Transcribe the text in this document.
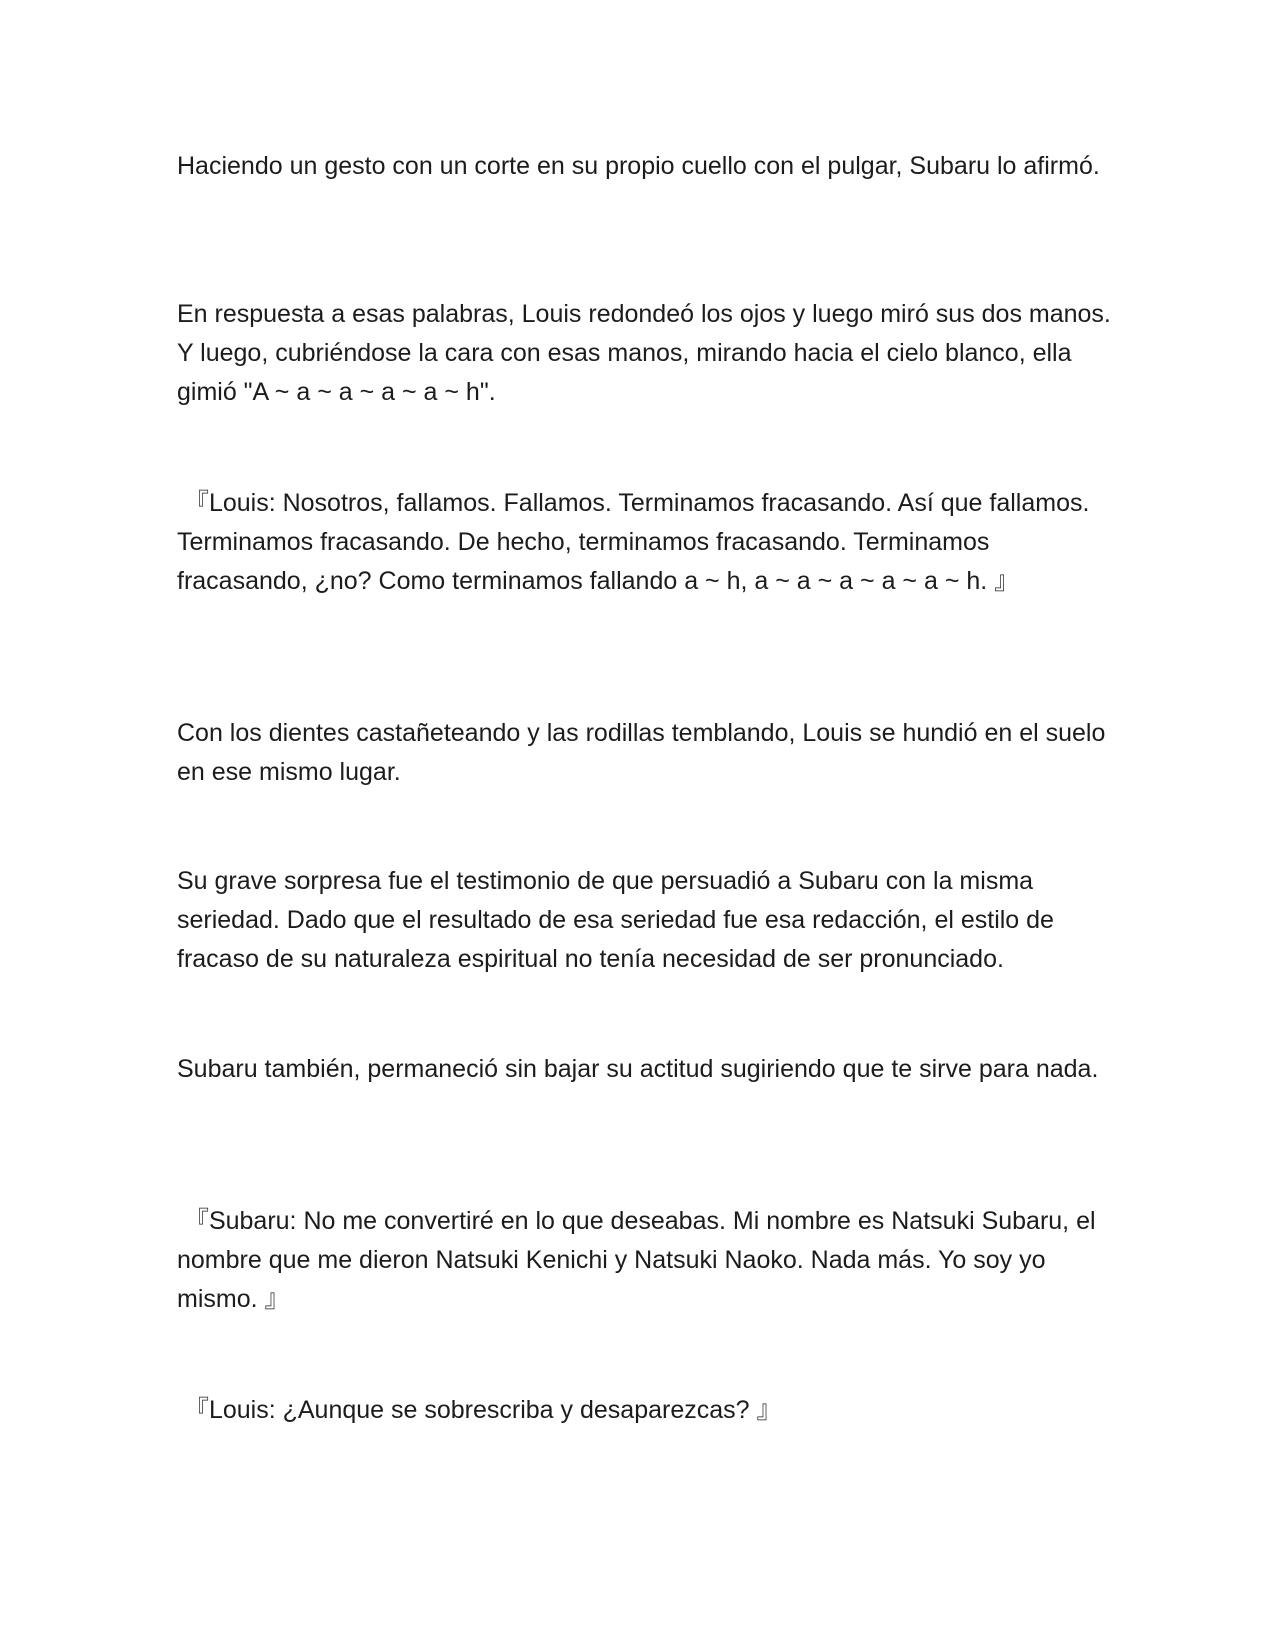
Haciendo un gesto con un corte en su propio cuello con el pulgar, Subaru lo afirmó.

En respuesta a esas palabras, Louis redondeó los ojos y luego miró sus dos manos. Y luego, cubriéndose la cara con esas manos, mirando hacia el cielo blanco, ella gimió "A ~ a ~ a ~ a ~ a ~ h".

『Louis: Nosotros, fallamos. Fallamos. Terminamos fracasando. Así que fallamos. Terminamos fracasando. De hecho, terminamos fracasando. Terminamos fracasando, ¿no? Como terminamos fallando a ~ h, a ~ a ~ a ~ a ~ a ~ h. 』

Con los dientes castañeteando y las rodillas temblando, Louis se hundió en el suelo en ese mismo lugar.

Su grave sorpresa fue el testimonio de que persuadió a Subaru con la misma seriedad. Dado que el resultado de esa seriedad fue esa redacción, el estilo de fracaso de su naturaleza espiritual no tenía necesidad de ser pronunciado.

Subaru también, permaneció sin bajar su actitud sugiriendo que te sirve para nada.

『Subaru: No me convertiré en lo que deseabas. Mi nombre es Natsuki Subaru, el nombre que me dieron Natsuki Kenichi y Natsuki Naoko. Nada más. Yo soy yo mismo. 』

『Louis: ¿Aunque se sobrescriba y desaparezcas? 』
